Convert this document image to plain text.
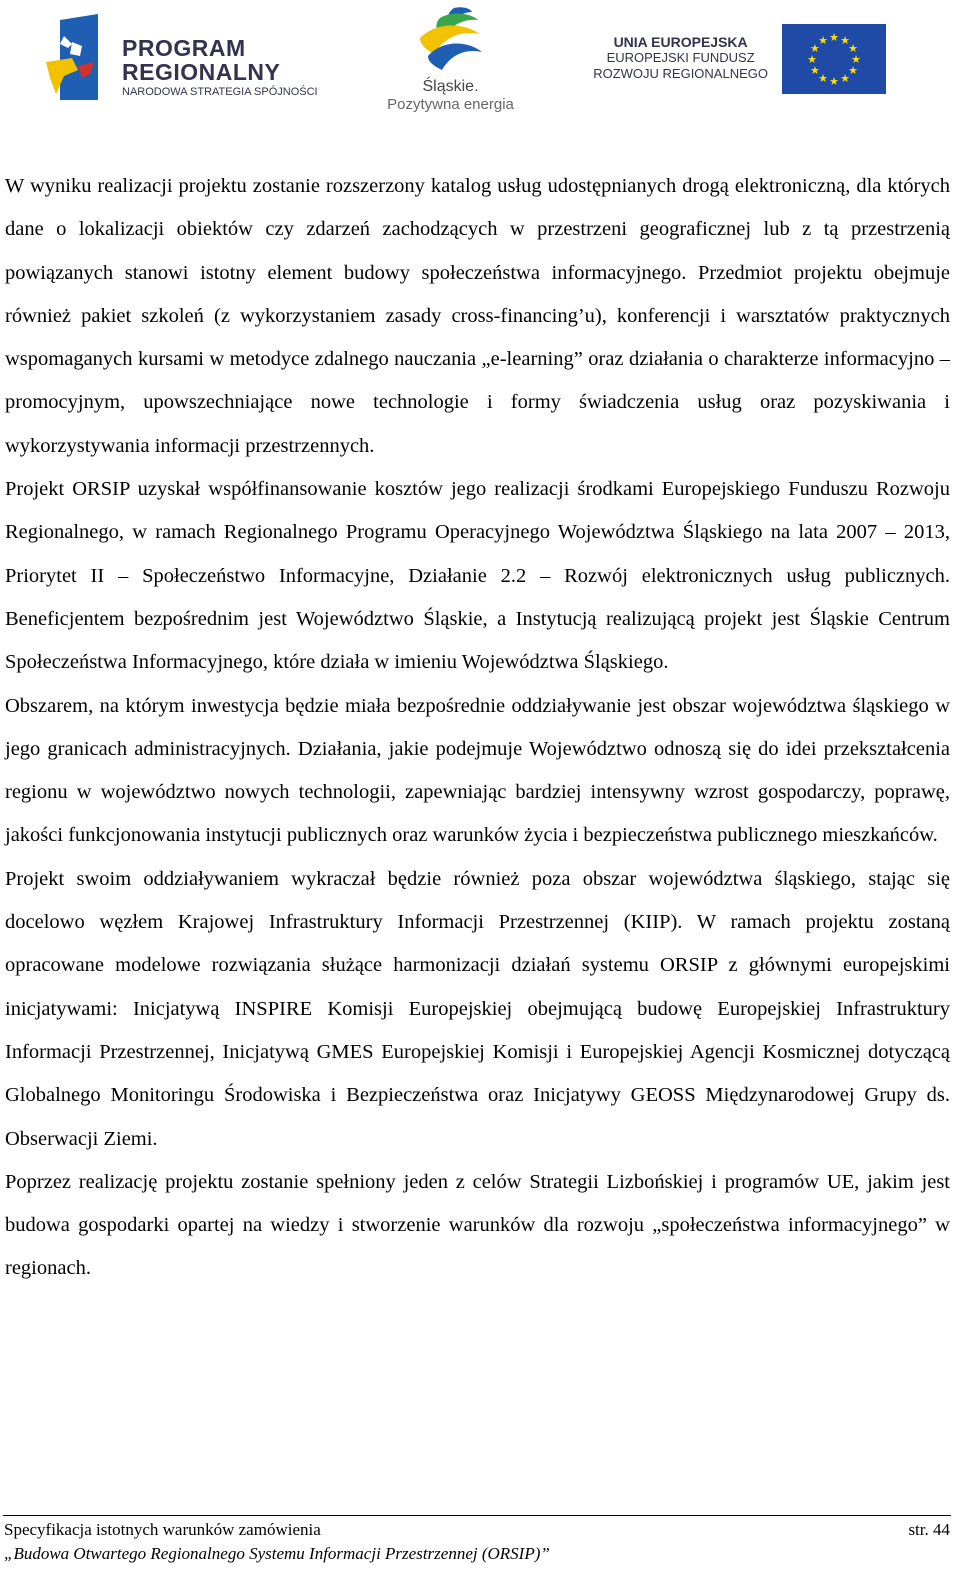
PROGRAM
REGIONALNY
NARODOWA STRATEGIA SPÓJNOŚCI	Śląskie.
Pozytywna energia
UNIA EUROPEJSKA
EUROPEJSKI FUNDUSZ
ROZWOJU REGIONALNEGO
★ ★
★
★
★
★
★
★
★
★
★
★

W wyniku realizacji projektu zostanie rozszerzony katalog usług udostępnianych drogą elektroniczną, dla których dane o lokalizacji obiektów czy zdarzeń zachodzących w przestrzeni geograficznej lub z tą przestrzenią powiązanych stanowi istotny element budowy społeczeństwa informacyjnego. Przedmiot projektu obejmuje również pakiet szkoleń (z wykorzystaniem zasady cross-financing’u), konferencji i warsztatów praktycznych wspomaganych kursami w metodyce zdalnego nauczania „e-learning” oraz działania o charakterze informacyjno – promocyjnym, upowszechniające nowe technologie i formy świadczenia usług oraz pozyskiwania i wykorzystywania informacji przestrzennych.

Projekt ORSIP uzyskał współfinansowanie kosztów jego realizacji środkami Europejskiego Funduszu Rozwoju Regionalnego, w ramach Regionalnego Programu Operacyjnego Województwa Śląskiego na lata 2007 – 2013, Priorytet II – Społeczeństwo Informacyjne, Działanie 2.2 – Rozwój elektronicznych usług publicznych. Beneficjentem bezpośrednim jest Województwo Śląskie, a Instytucją realizującą projekt jest Śląskie Centrum Społeczeństwa Informacyjnego, które działa w imieniu Województwa Śląskiego.

Obszarem, na którym inwestycja będzie miała bezpośrednie oddziaływanie jest obszar województwa śląskiego w jego granicach administracyjnych. Działania, jakie podejmuje Województwo odnoszą się do idei przekształcenia regionu w województwo nowych technologii, zapewniając bardziej intensywny wzrost gospodarczy, poprawę, jakości funkcjonowania instytucji publicznych oraz warunków życia i bezpieczeństwa publicznego mieszkańców.

Projekt swoim oddziaływaniem wykraczał będzie również poza obszar województwa śląskiego, stając się docelowo węzłem Krajowej Infrastruktury Informacji Przestrzennej (KIIP). W ramach projektu zostaną opracowane modelowe rozwiązania służące harmonizacji działań systemu ORSIP z głównymi europejskimi inicjatywami: Inicjatywą INSPIRE Komisji Europejskiej obejmującą budowę Europejskiej Infrastruktury Informacji Przestrzennej, Inicjatywą GMES Europejskiej Komisji i Europejskiej Agencji Kosmicznej dotyczącą Globalnego Monitoringu Środowiska i Bezpieczeństwa oraz Inicjatywy GEOSS Międzynarodowej Grupy ds. Obserwacji Ziemi.

Poprzez realizację projektu zostanie spełniony jeden z celów Strategii Lizbońskiej i programów UE, jakim jest budowa gospodarki opartej na wiedzy i stworzenie warunków dla rozwoju „społeczeństwa informacyjnego” w regionach.

Specyfikacja istotnych warunków zamówienia	str. 44
„Budowa Otwartego Regionalnego Systemu Informacji Przestrzennej (ORSIP)”
